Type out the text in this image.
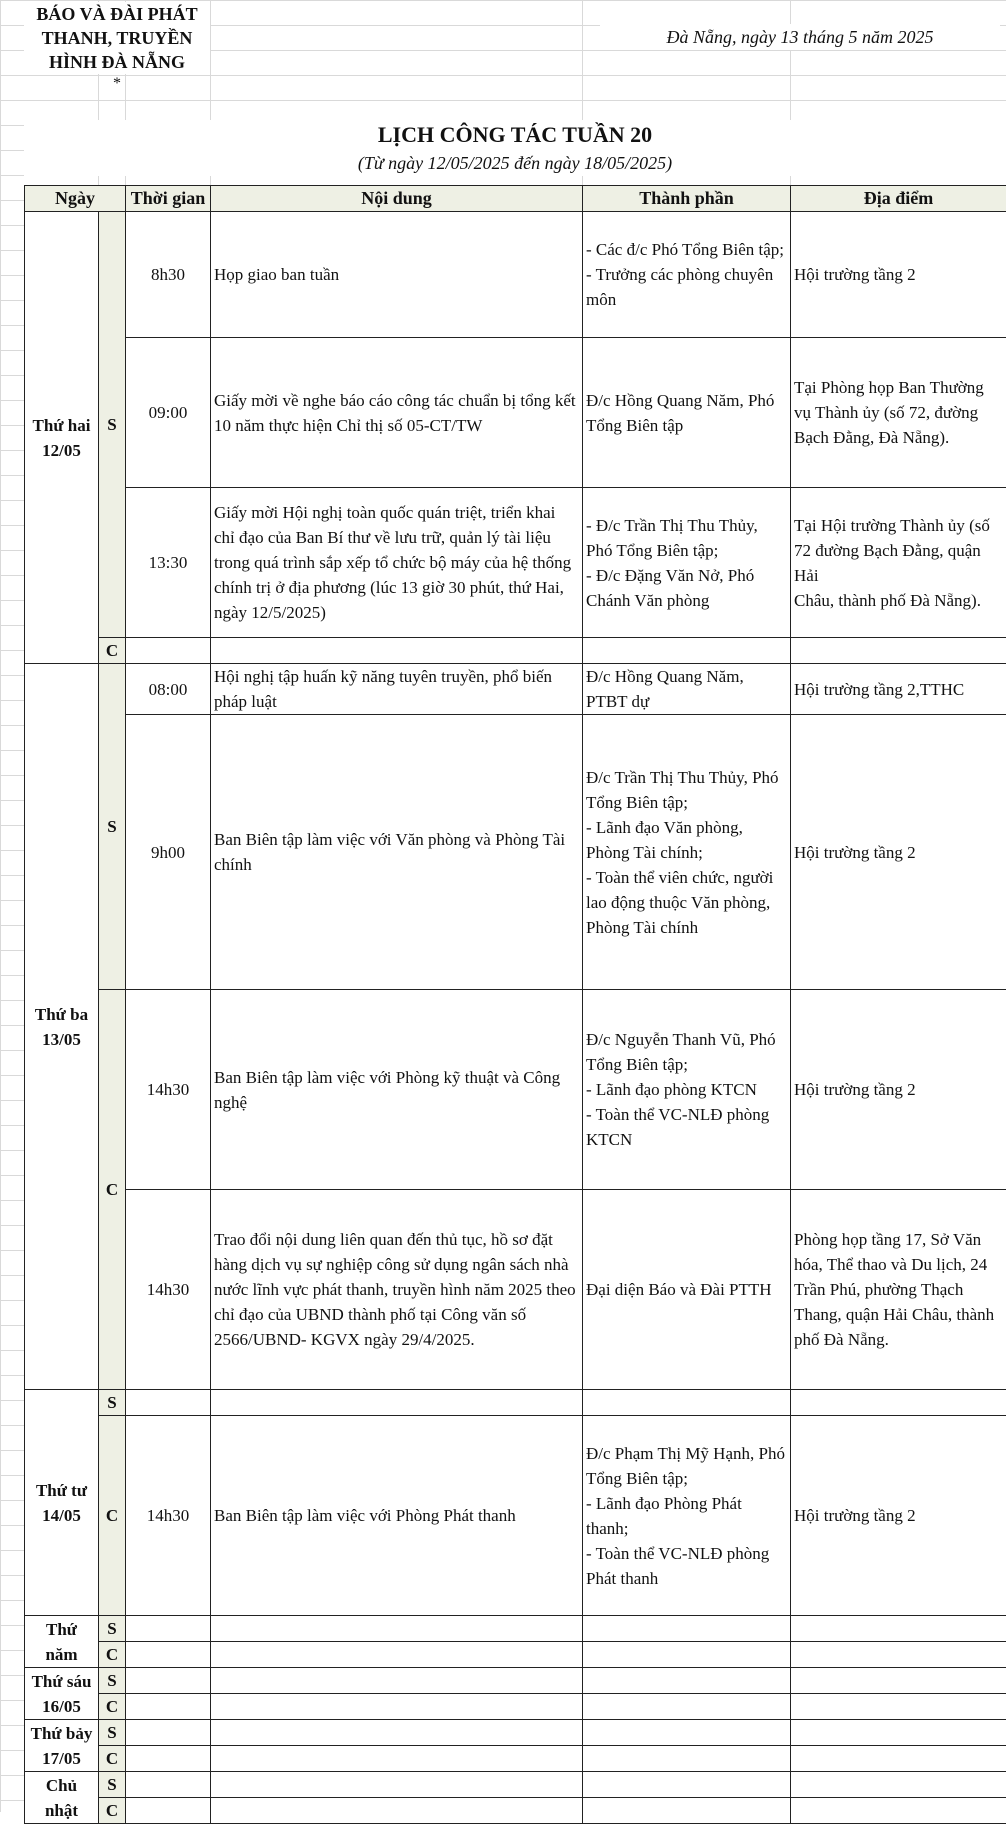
BÁO VÀ ĐÀI PHÁT
THANH, TRUYỀN
HÌNH ĐÀ NẴNG
*
Đà Nẵng, ngày 13 tháng 5 năm 2025
LỊCH CÔNG TÁC TUẦN 20
(Từ ngày 12/05/2025 đến ngày 18/05/2025)
Ngày		Thời gian	Nội dung	Thành phần	Địa điểm
Thứ hai
12/05	S	8h30	Họp giao ban tuần	- Các đ/c Phó Tổng Biên tập;
- Trưởng các phòng chuyên môn	Hội trường tầng 2
		09:00	Giấy mời về nghe báo cáo công tác chuẩn bị tổng kết 10 năm thực hiện Chỉ thị số 05-CT/TW	Đ/c Hồng Quang Năm, Phó Tổng Biên tập	Tại Phòng họp Ban Thường vụ Thành ủy (số 72, đường
Bạch Đằng, Đà Nẵng).
		13:30	Giấy mời Hội nghị toàn quốc quán triệt, triển khai chỉ đạo của Ban Bí thư về lưu trữ, quản lý tài liệu trong quá trình sắp xếp tổ chức bộ máy của hệ thống chính trị ở địa phương (lúc 13 giờ 30 phút, thứ Hai, ngày 12/5/2025)	- Đ/c Trần Thị Thu Thủy, Phó Tổng Biên tập;
- Đ/c Đặng Văn Nở, Phó Chánh Văn phòng	Tại Hội trường Thành ủy (số 72 đường Bạch Đằng, quận Hải
Châu, thành phố Đà Nẵng).
	C				
Thứ ba
13/05	S	08:00	Hội nghị tập huấn kỹ năng tuyên truyền, phổ biến pháp luật	Đ/c Hồng Quang Năm, PTBT dự	Hội trường tầng 2,TTHC
		9h00	Ban Biên tập làm việc với Văn phòng và Phòng Tài chính	Đ/c Trần Thị Thu Thủy, Phó Tổng Biên tập;
- Lãnh đạo Văn phòng, Phòng Tài chính;
- Toàn thể viên chức, người lao động thuộc Văn phòng, Phòng Tài chính	Hội trường tầng 2
	C	14h30	Ban Biên tập làm việc với Phòng kỹ thuật và Công nghệ	Đ/c Nguyễn Thanh Vũ, Phó Tổng Biên tập;
- Lãnh đạo phòng KTCN
- Toàn thể VC-NLĐ phòng KTCN	Hội trường tầng 2
		14h30	Trao đổi nội dung liên quan đến thủ tục, hồ sơ đặt hàng dịch vụ sự nghiệp công sử dụng ngân sách nhà nước lĩnh vực phát thanh, truyền hình năm 2025 theo chỉ đạo của UBND thành phố tại Công văn số 2566/UBND- KGVX ngày 29/4/2025.	Đại diện Báo và Đài PTTH	Phòng họp tầng 17, Sở Văn hóa, Thể thao và Du lịch, 24 Trần Phú, phường Thạch Thang, quận Hải Châu, thành phố Đà Nẵng.
Thứ tư
14/05	S				
	C	14h30	Ban Biên tập làm việc với Phòng Phát thanh	Đ/c Phạm Thị Mỹ Hạnh, Phó Tổng Biên tập;
- Lãnh đạo Phòng Phát thanh;
- Toàn thể VC-NLĐ phòng Phát thanh	Hội trường tầng 2
Thứ
năm	S				
	C				
Thứ sáu
16/05	S				
	C				
Thứ bảy
17/05	S				
	C				
Chủ
nhật	S				
	C				
